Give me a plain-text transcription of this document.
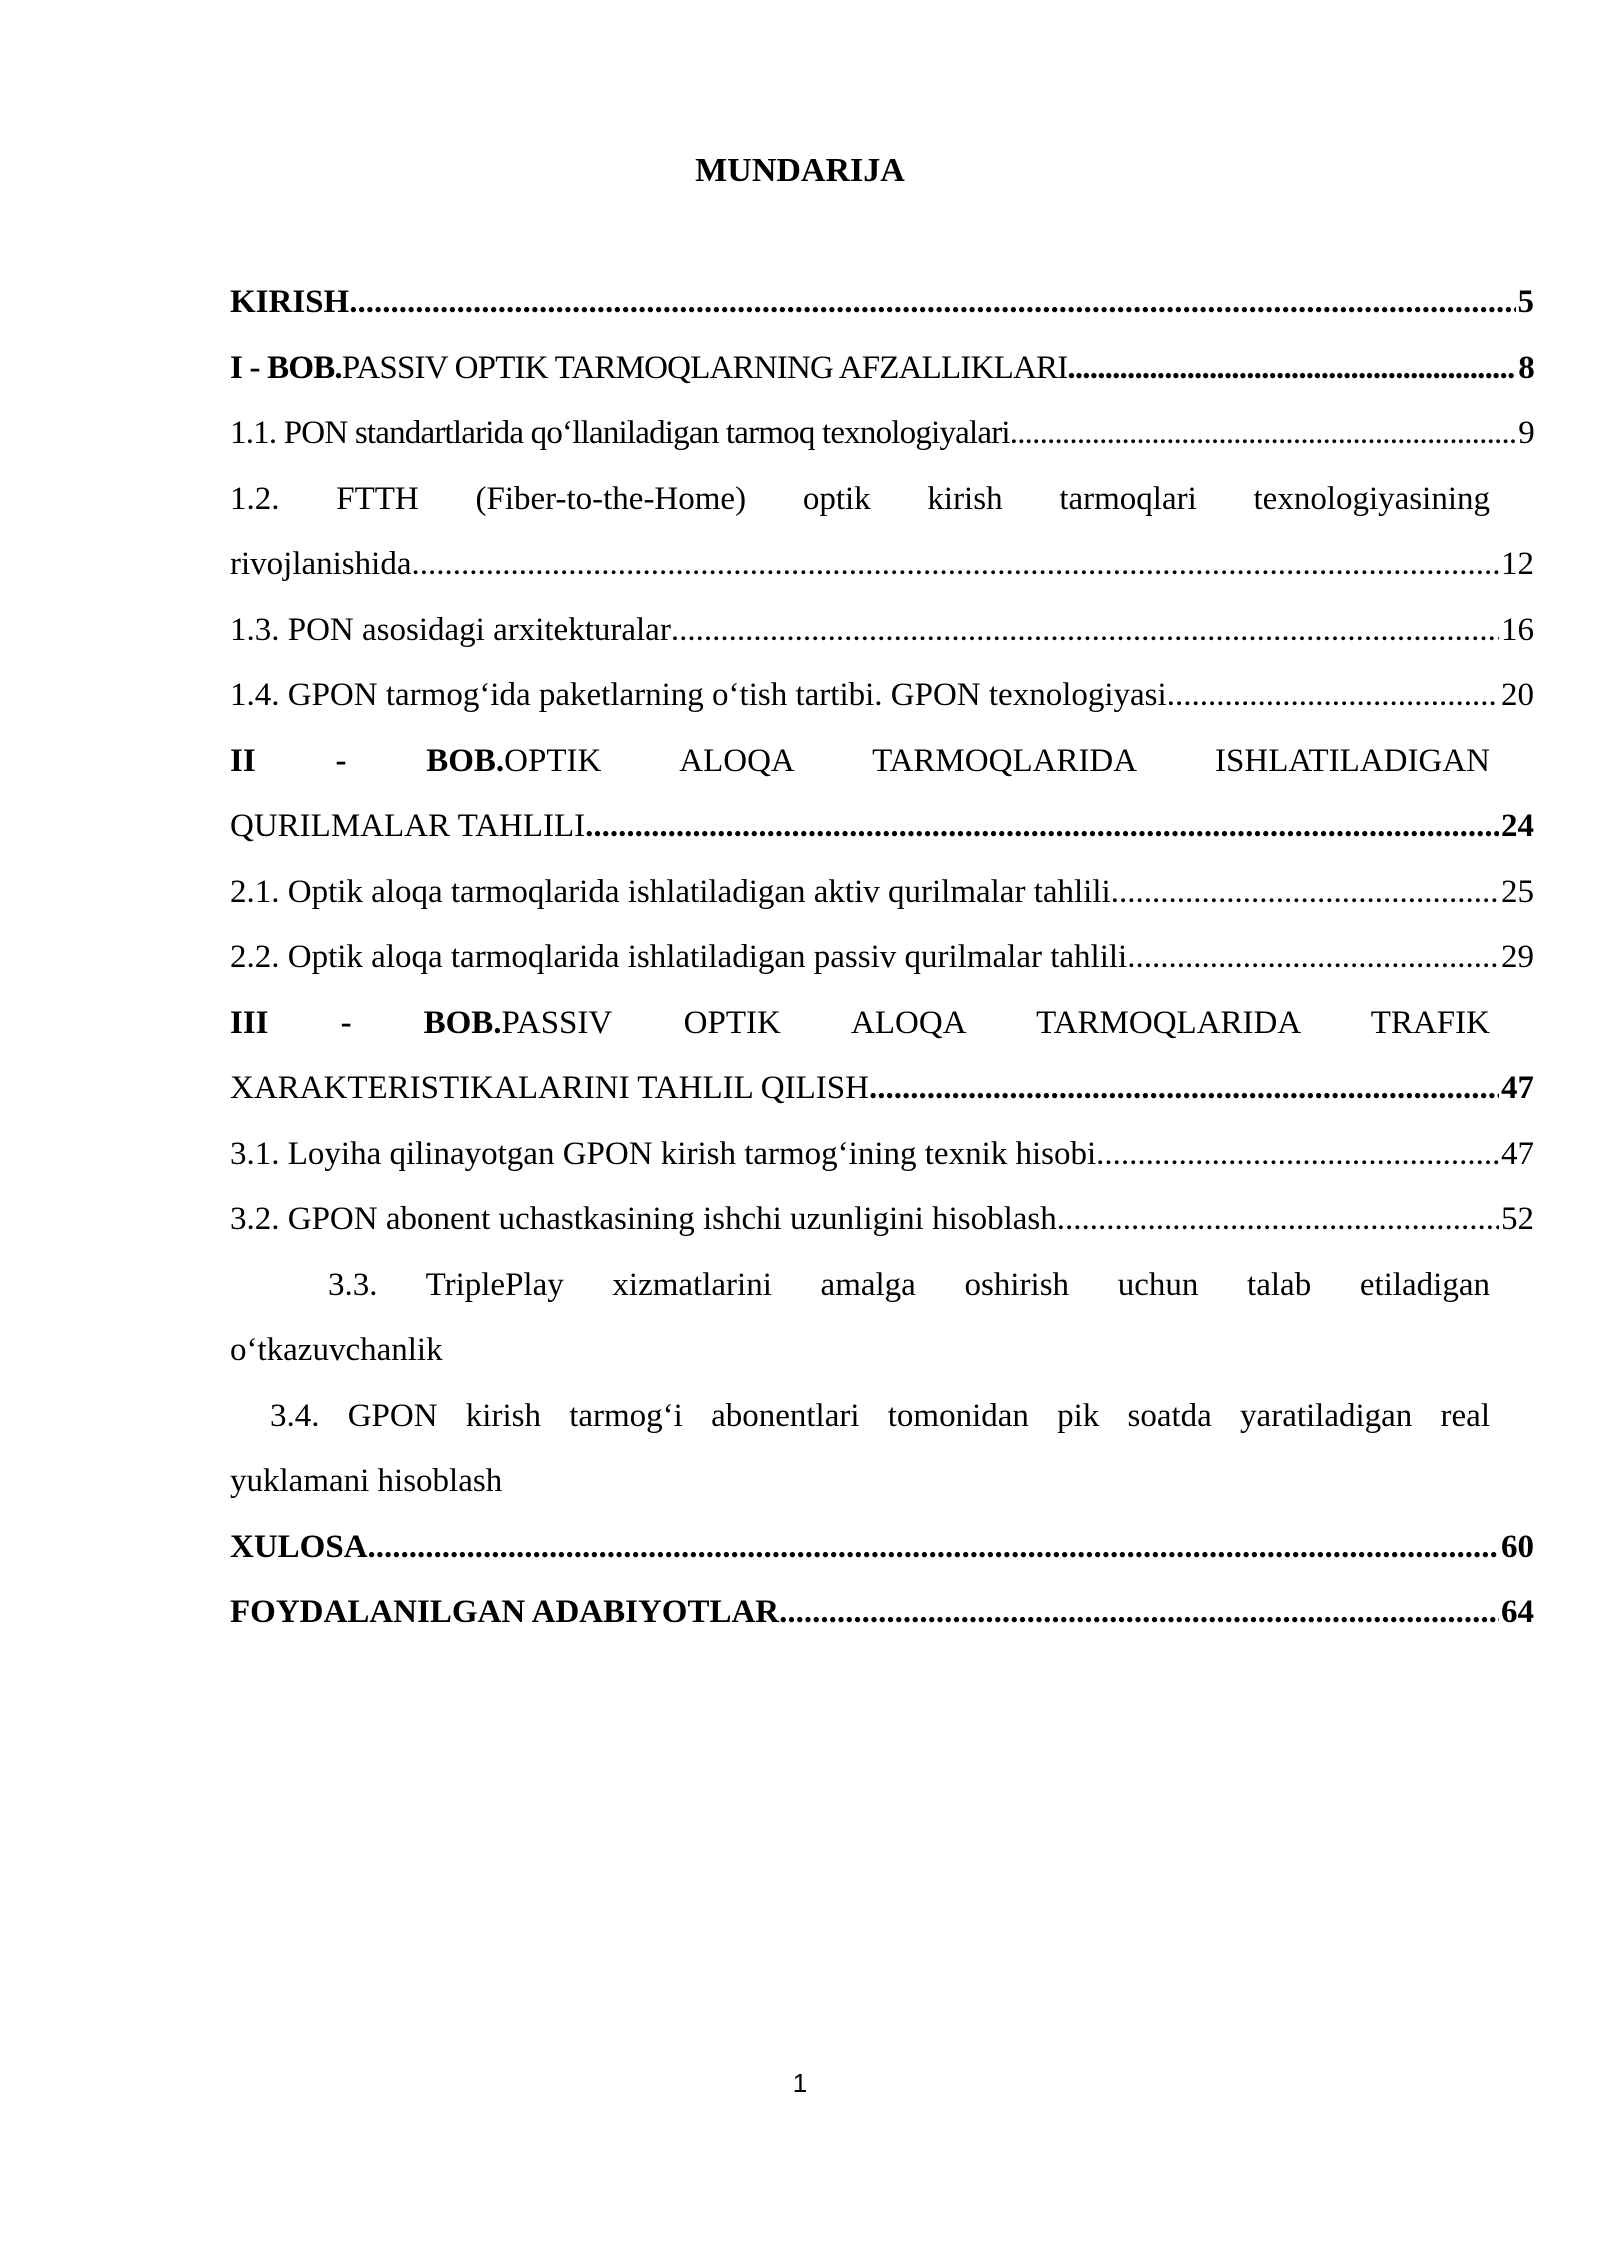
MUNDARIJA
KIRISH .....	5
I - BOB.PASSIV OPTIK TARMOQLARNING AFZALLIKLARI .....	8
1.1. PON standartlarida qo‘llaniladigan tarmoq texnologiyalari .....	9
1.2. FTTH (Fiber-to-the-Home) optik kirish tarmoqlari texnologiyasining
rivojlanishida .....	12
1.3. PON asosidagi arxitekturalar .....	16
1.4. GPON tarmog‘ida paketlarning o‘tish tartibi. GPON texnologiyasi .....	20
II - BOB.OPTIK ALOQA TARMOQLARIDA ISHLATILADIGAN
QURILMALAR TAHLILI .....	24
2.1. Optik aloqa tarmoqlarida ishlatiladigan aktiv qurilmalar tahlili .....	25
2.2. Optik aloqa tarmoqlarida ishlatiladigan passiv qurilmalar tahlili .....	29
III - BOB.PASSIV OPTIK ALOQA TARMOQLARIDA TRAFIK
XARAKTERISTIKALARINI TAHLIL QILISH .....	47
3.1. Loyiha qilinayotgan GPON kirish tarmog‘ining texnik hisobi .....	47
3.2. GPON abonent uchastkasining ishchi uzunligini hisoblash .....	52
3.3. TriplePlay xizmatlarini amalga oshirish uchun talab etiladigan
o‘tkazuvchanlik
3.4. GPON kirish tarmog‘i abonentlari tomonidan pik soatda yaratiladigan real
yuklamani hisoblash
XULOSA .....	60
FOYDALANILGAN ADABIYOTLAR .....	64
1
